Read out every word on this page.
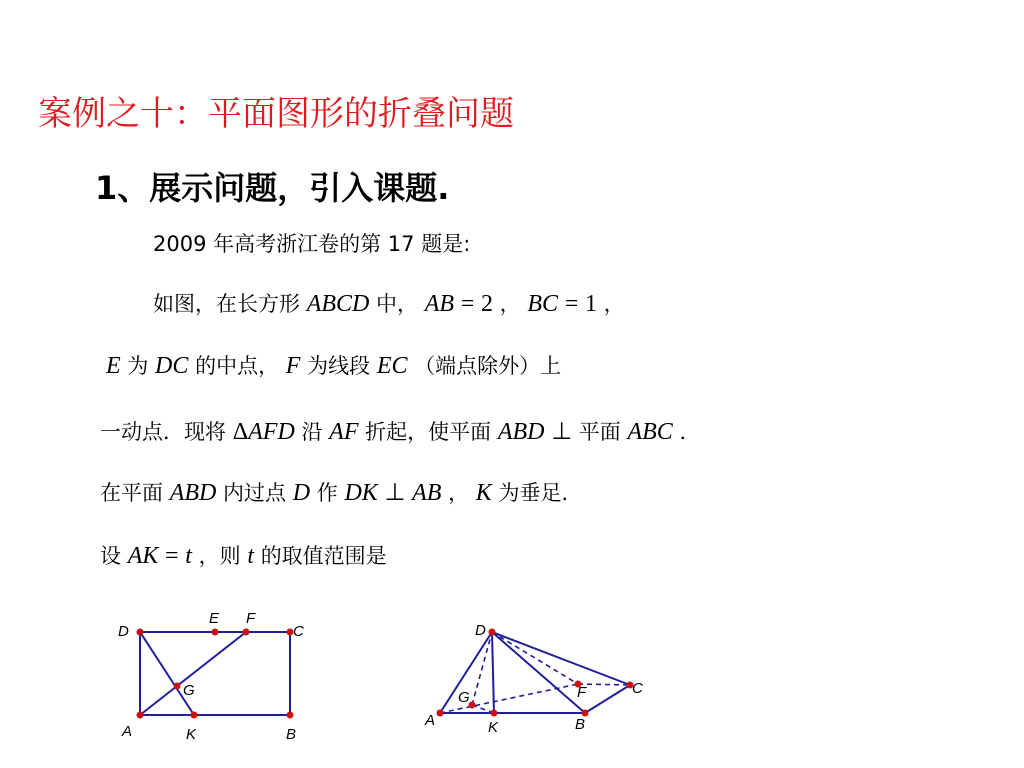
案例之十：平面图形的折叠问题
1、展示问题，引入课题.
2009 年高考浙江卷的第 17 题是:
如图，在长方形 ABCD 中， AB = 2 ， BC = 1 ，
E 为 DC 的中点， F 为线段 EC （端点除外）上
一动点．现将 ΔAFD 沿 AF 折起，使平面 ABD ⊥ 平面 ABC ．
在平面 ABD 内过点 D 作 DK ⊥ AB ， K 为垂足．
设 AK = t ，则 t 的取值范围是
D
E F
C
G
A	K	B
D
G	F	C
A	K	B
